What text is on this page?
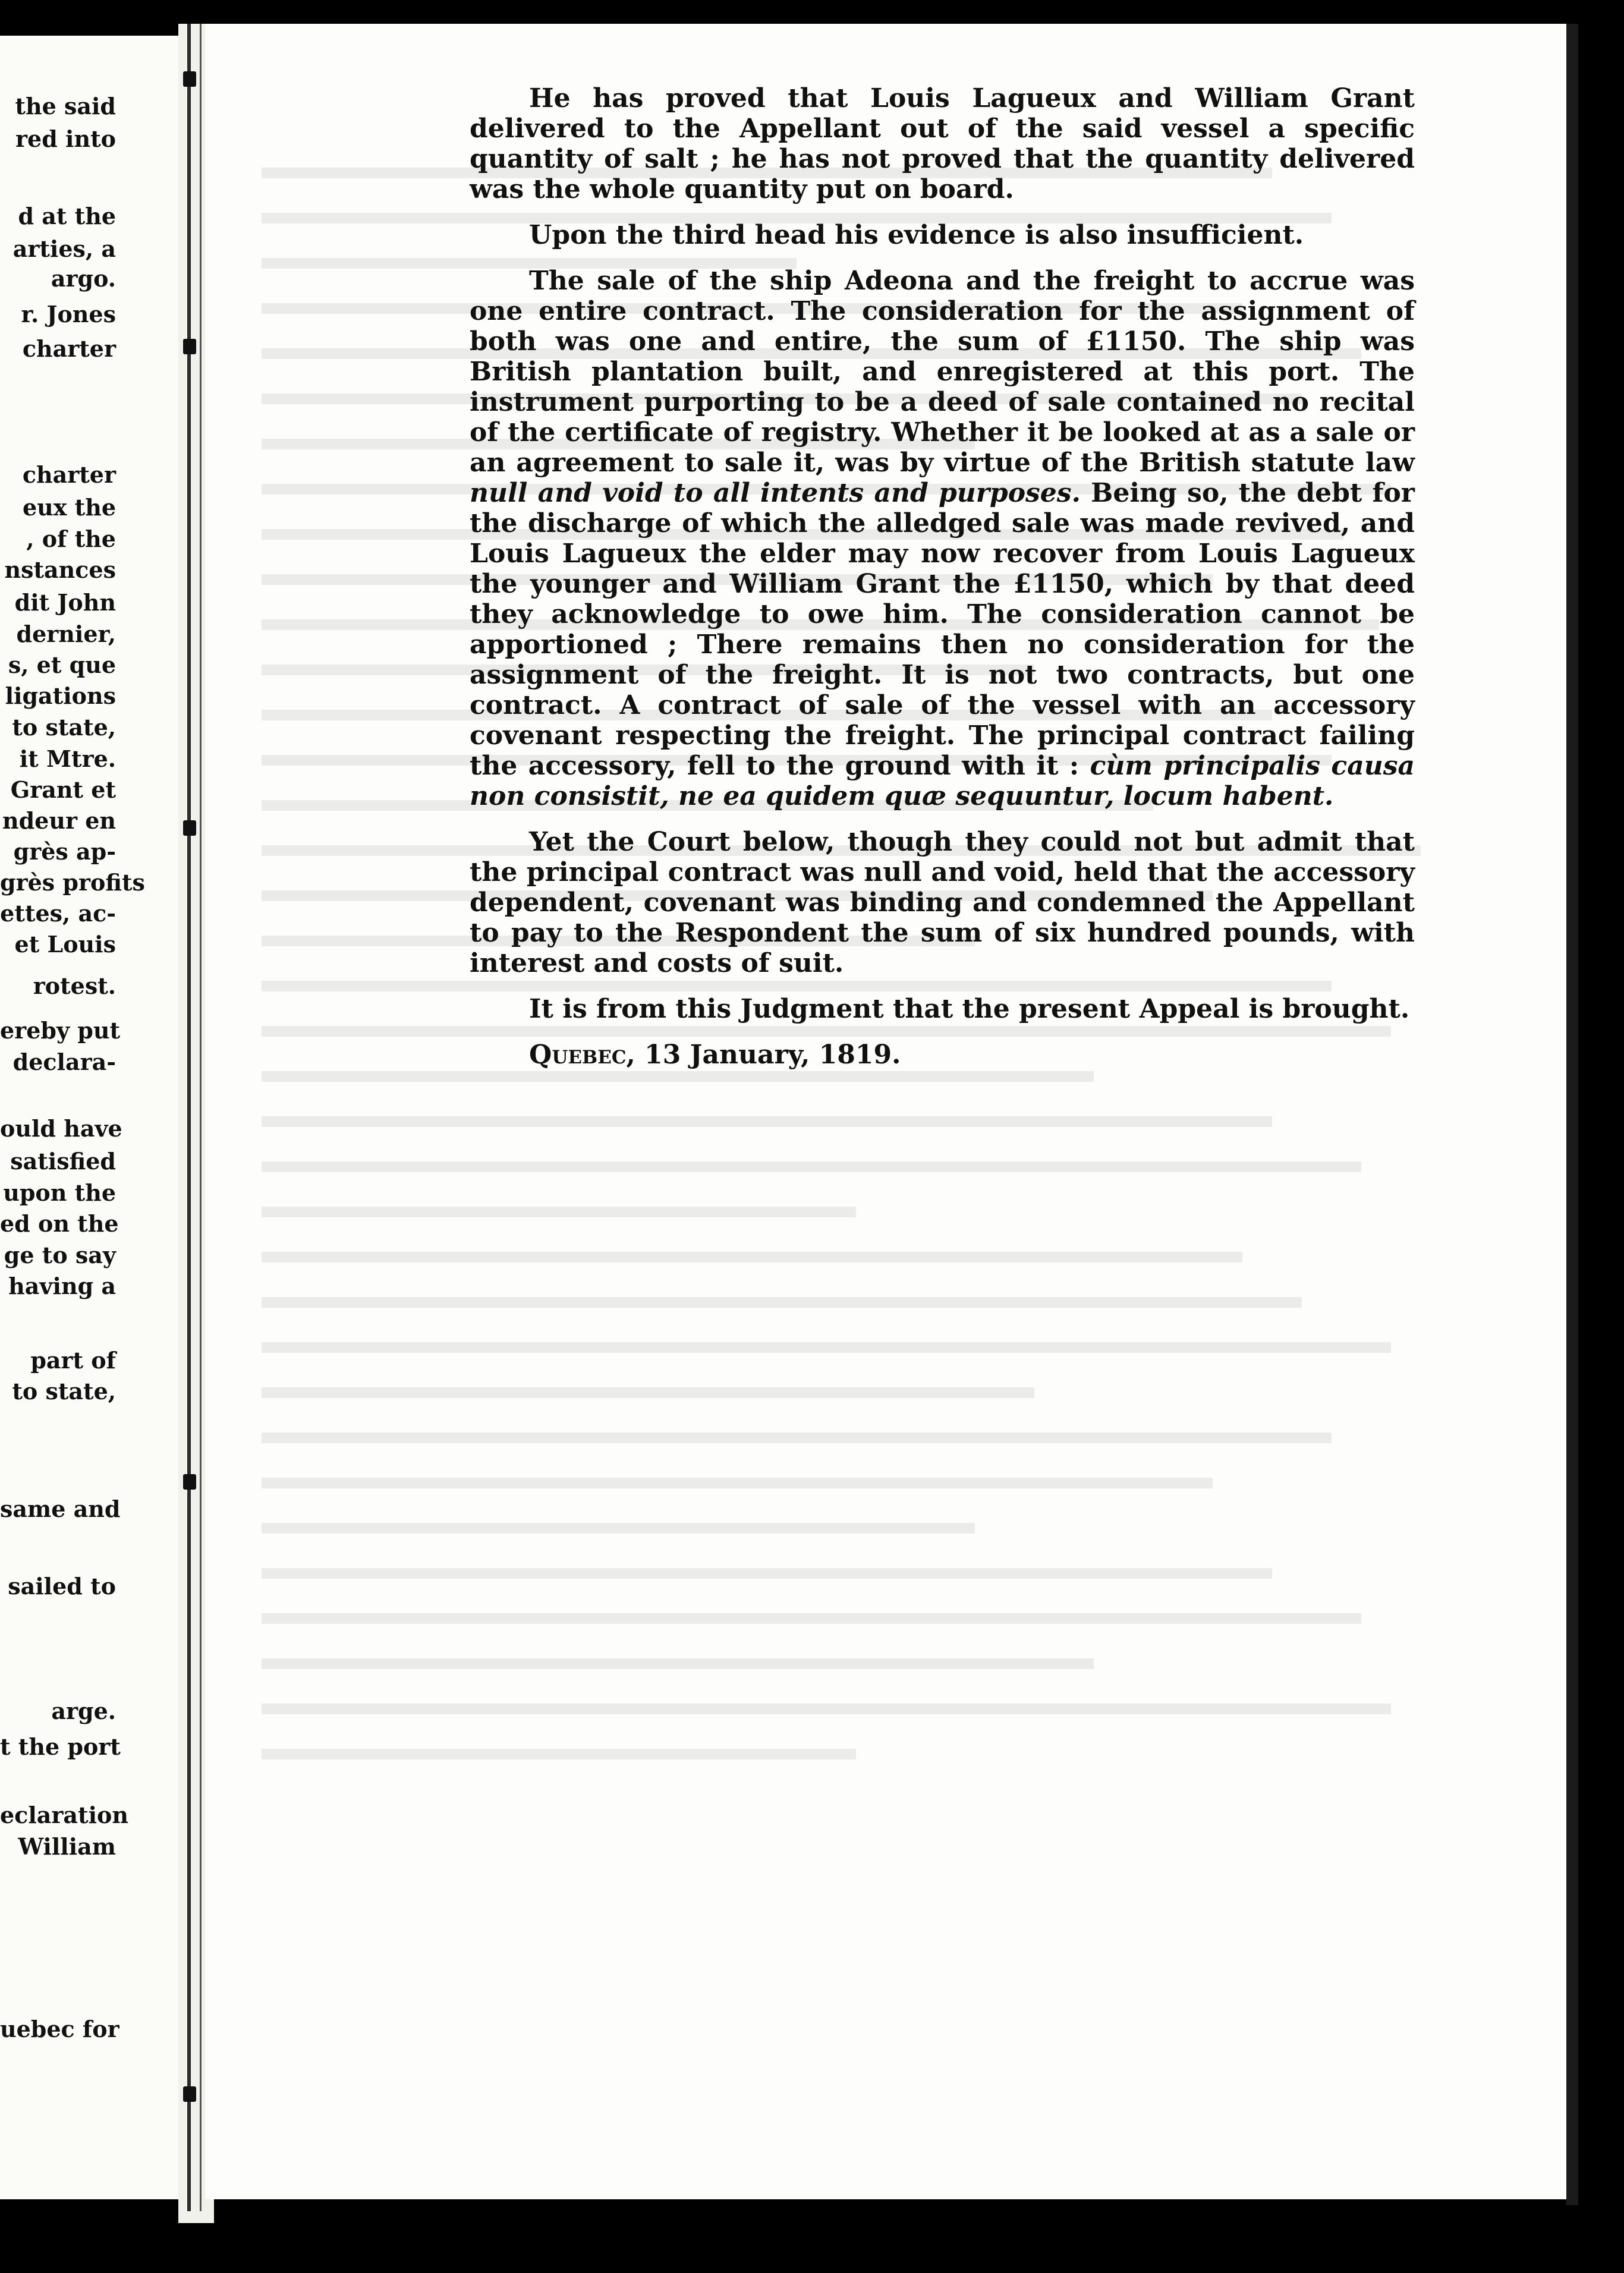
He has proved that Louis Lagueux and William Grant delivered to the Appellant out of the said vessel a specific quantity of salt ; he has not proved that the quantity delivered was the whole quantity put on board.

Upon the third head his evidence is also insufficient.

The sale of the ship Adeona and the freight to accrue was one entire contract. The consideration for the assignment of both was one and entire, the sum of £1150. The ship was British plantation built, and enregistered at this port. The instrument purporting to be a deed of sale contained no recital of the certificate of registry. Whether it be looked at as a sale or an agreement to sale it, was by virtue of the British statute law null and void to all intents and purposes. Being so, the debt for the discharge of which the alledged sale was made revived, and Louis Lagueux the elder may now recover from Louis Lagueux the younger and William Grant the £1150, which by that deed they acknowledge to owe him. The consideration cannot be apportioned ; There remains then no consideration for the assignment of the freight. It is not two contracts, but one contract. A contract of sale of the vessel with an accessory covenant respecting the freight. The principal contract failing the accessory, fell to the ground with it : cùm principalis causa non consistit, ne ea quidem quæ sequuntur, locum habent.

Yet the Court below, though they could not but admit that the principal contract was null and void, held that the accessory dependent, covenant was binding and condemned the Appellant to pay to the Respondent the sum of six hundred pounds, with interest and costs of suit.

It is from this Judgment that the present Appeal is brought.

Quebec, 13 January, 1819.

the said
red into
d at the
arties, a
argo.
r. Jones
charter
charter
eux the
, of the
nstances
dit John
dernier,
s, et que
ligations
to state,
it Mtre.
Grant et
ndeur en
grès ap-
grès profits
ettes, ac-
et Louis
rotest.
ereby put
declara-
ould have
satisfied
upon the
ed on the
ge to say
having a
part of
to state,
same and
sailed to
arge.
t the port
eclaration
William
uebec for
